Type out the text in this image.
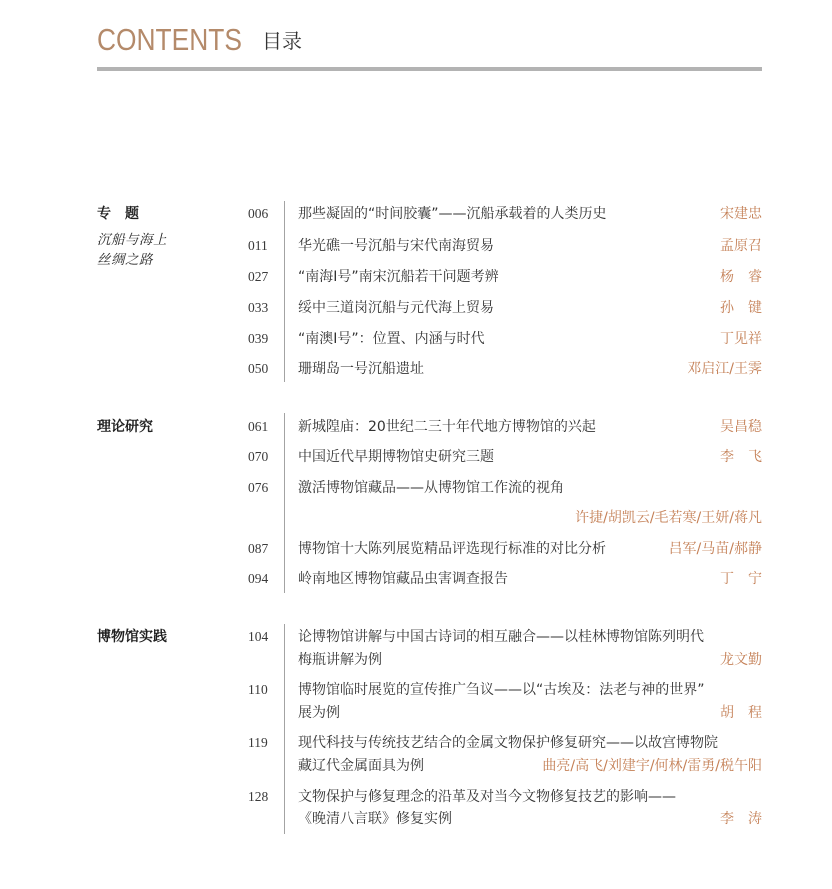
CONTENTS 目录
专　题
沉船与海上
丝绸之路
006 那些凝固的“时间胶囊”——沉船承载着的人类历史	宋建忠
011 华光礁一号沉船与宋代南海贸易	孟原召
027 “南海Ⅰ号”南宋沉船若干问题考辨	杨　睿
033 绥中三道岗沉船与元代海上贸易	孙　键
039 “南澳Ⅰ号”：位置、内涵与时代	丁见祥
050 珊瑚岛一号沉船遗址	邓启江/王霁
理论研究	061 新城隍庙：20世纪二三十年代地方博物馆的兴起	吴昌稳
070 中国近代早期博物馆史研究三题	李　飞
076 激活博物馆藏品——从博物馆工作流的视角
许捷/胡凯云/毛若寒/王妍/蒋凡
087 博物馆十大陈列展览精品评选现行标准的对比分析	吕军/马苗/郝静
094 岭南地区博物馆藏品虫害调查报告	丁　宁
博物馆实践	104 论博物馆讲解与中国古诗词的相互融合——以桂林博物馆陈列明代
梅瓶讲解为例	龙文勤
110 博物馆临时展览的宣传推广刍议——以“古埃及：法老与神的世界”
展为例	胡　程
119 现代科技与传统技艺结合的金属文物保护修复研究——以故宫博物院
藏辽代金属面具为例	曲亮/高飞/刘建宇/何林/雷勇/税午阳
128 文物保护与修复理念的沿革及对当今文物修复技艺的影响——
《晚清八言联》修复实例	李　涛
